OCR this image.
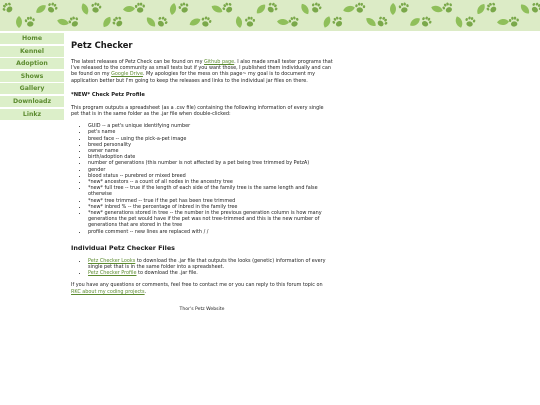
Home
Kennel
Adoption
Shows
Gallery
Downloadz
Linkz
Petz Checker

The latest releases of Petz Check can be found on my Github page. I also made small tester programs that I've released to the community as small tests but if you want those, I published them individually and can be found on my Google Drive. My apologies for the mess on this page~ my goal is to document my application better but I'm going to keep the releases and links to the individual jar files on there.

*NEW* Check Petz Profile

This program outputs a spreadsheet (as a .csv file) containing the following information of every single pet that is in the same folder as the .jar file when double-clicked:

• GUID -- a pet's unique identifying number
• pet's name
• breed face -- using the pick-a-pet image
• breed personality
• owner name
• birth/adoption date
• number of generations (this number is not affected by a pet being tree trimmed by PetzA)
• gender
• blood status -- purebred or mixed breed
• *new* ancestors -- a count of all nodes in the ancestry tree
• *new* full tree -- true if the length of each side of the family tree is the same length and false otherwise
• *new* tree trimmed -- true if the pet has been tree trimmed
• *new* inbred % -- the percentage of inbred in the family tree
• *new* generations stored in tree -- the number in the previous generation column is how many generations the pet would have if the pet was not tree-trimmed and this is the new number of generations that are stored in the tree
• profile comment -- new lines are replaced with / /
Individual Petz Checker Files
• Petz Checker Looks to download the .jar file that outputs the looks (genetic) information of every single pet that is in the same folder into a spreadsheet.
• Petz Checker Profile to download the .jar file.

If you have any questions or comments, feel free to contact me or you can reply to this forum topic on RKC about my coding projects.

Thor's Petz Website
